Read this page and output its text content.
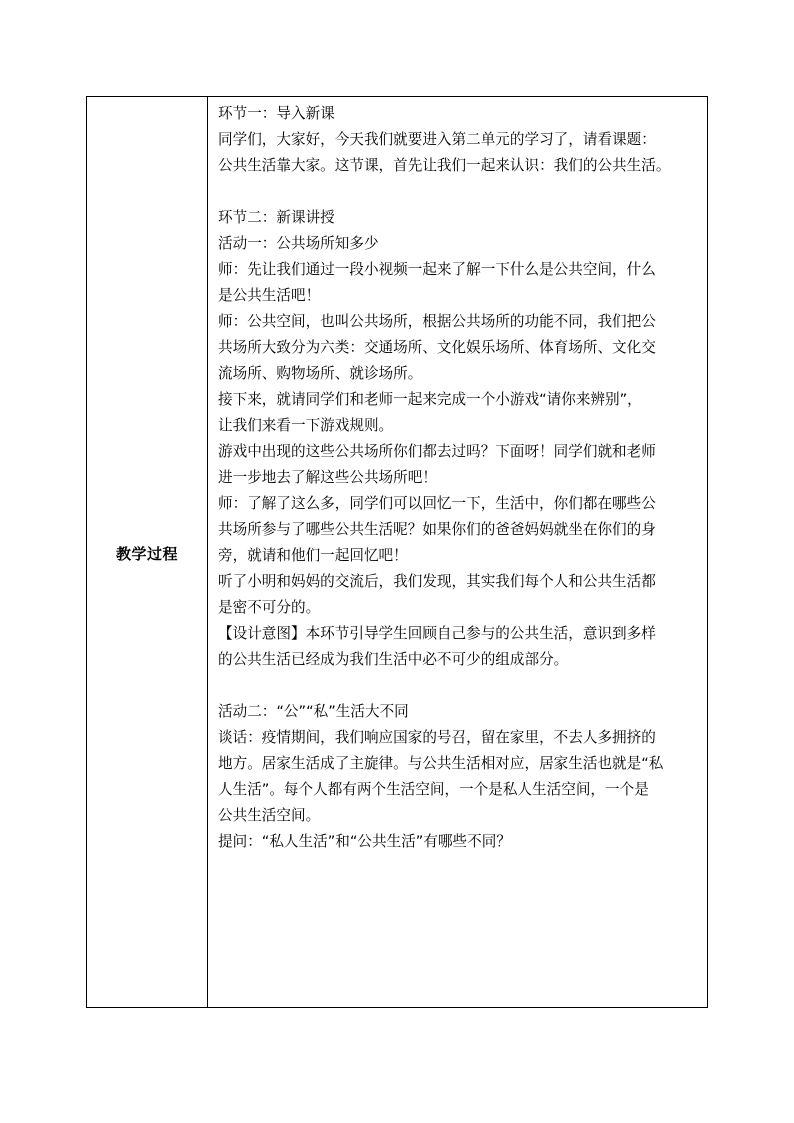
教学过程
环节一：导入新课
同学们，大家好，今天我们就要进入第二单元的学习了，请看课题：
公共生活靠大家。这节课，首先让我们一起来认识：我们的公共生活。
环节二：新课讲授
活动一：公共场所知多少
师：先让我们通过一段小视频一起来了解一下什么是公共空间，什么
是公共生活吧！
师：公共空间，也叫公共场所，根据公共场所的功能不同，我们把公
共场所大致分为六类：交通场所、文化娱乐场所、体育场所、文化交
流场所、购物场所、就诊场所。
接下来，就请同学们和老师一起来完成一个小游戏“请你来辨别”，
让我们来看一下游戏规则。
游戏中出现的这些公共场所你们都去过吗？下面呀！同学们就和老师
进一步地去了解这些公共场所吧！
师：了解了这么多，同学们可以回忆一下，生活中，你们都在哪些公
共场所参与了哪些公共生活呢？如果你们的爸爸妈妈就坐在你们的身
旁，就请和他们一起回忆吧！
听了小明和妈妈的交流后，我们发现，其实我们每个人和公共生活都
是密不可分的。
【设计意图】本环节引导学生回顾自己参与的公共生活，意识到多样
的公共生活已经成为我们生活中必不可少的组成部分。
活动二：“公”“私”生活大不同
谈话：疫情期间，我们响应国家的号召，留在家里，不去人多拥挤的
地方。居家生活成了主旋律。与公共生活相对应，居家生活也就是“私
人生活”。每个人都有两个生活空间，一个是私人生活空间，一个是
公共生活空间。
提问：“私人生活”和“公共生活”有哪些不同？
